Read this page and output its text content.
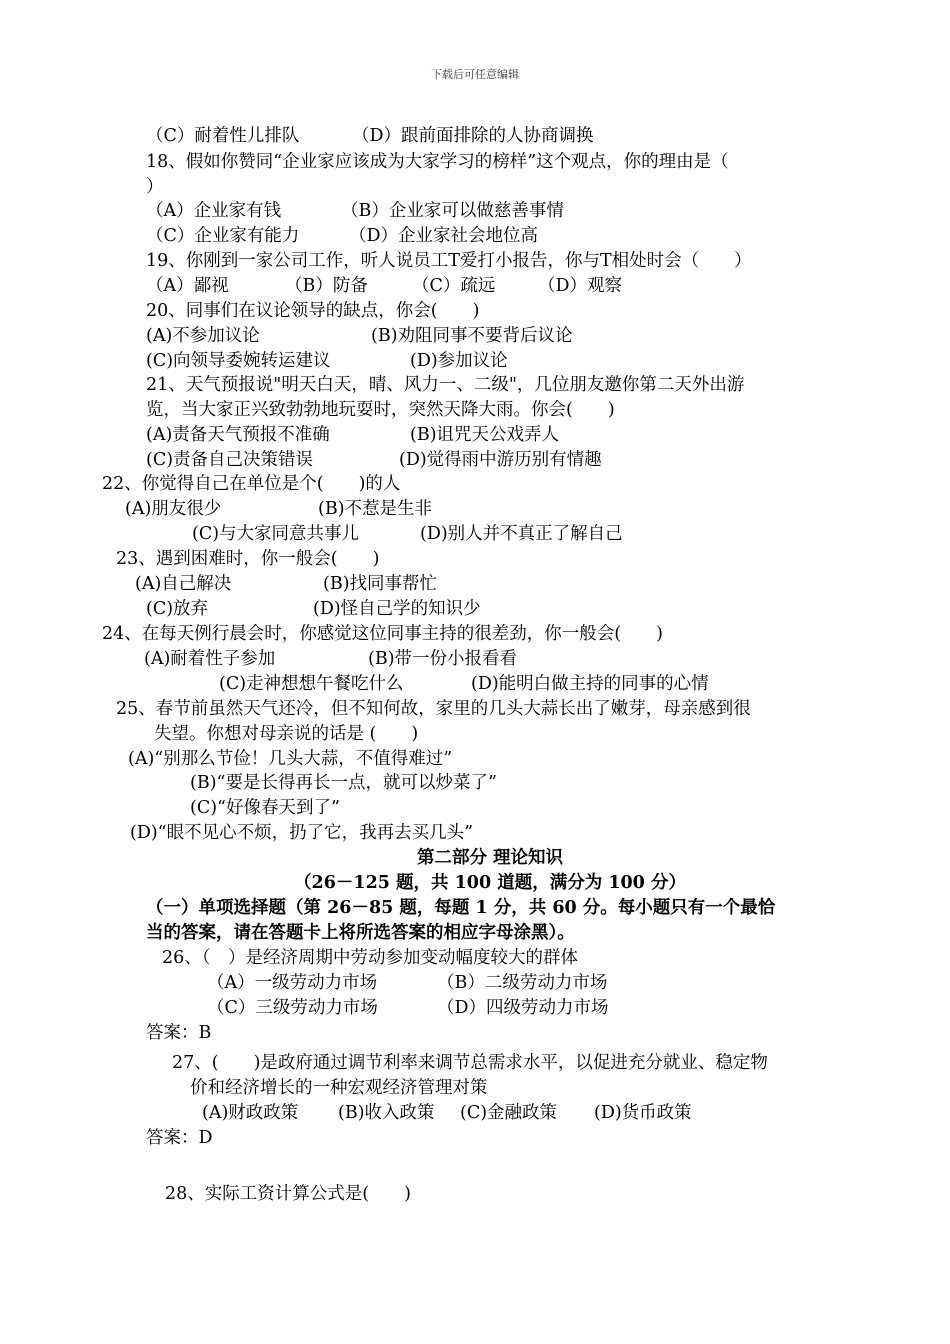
下载后可任意编辑
（C）耐着性儿排队	（D）跟前面排除的人协商调换
18、假如你赞同“企业家应该成为大家学习的榜样”这个观点，你的理由是（
）
（A）企业家有钱	（B）企业家可以做慈善事情
（C）企业家有能力	（D）企业家社会地位高
19、你刚到一家公司工作，听人说员工T爱打小报告，你与T相处时会（　　）
（A）鄙视	（B）防备	（C）疏远 （D）观察
20、同事们在议论领导的缺点，你会(　　)
(A)不参加议论	(B)劝阻同事不要背后议论
(C)向领导委婉转运建议	(D)参加议论
21、天气预报说"明天白天，晴、风力一、二级"，几位朋友邀你第二天外出游
览，当大家正兴致勃勃地玩耍时，突然天降大雨。你会(　　)
(A)责备天气预报不准确	(B)诅咒天公戏弄人
(C)责备自己决策错误	(D)觉得雨中游历别有情趣
22、你觉得自己在单位是个(　　)的人
(A)朋友很少	(B)不惹是生非
(C)与大家同意共事儿	(D)别人并不真正了解自己
23、遇到困难时，你一般会(　　)
(A)自己解决	(B)找同事帮忙
(C)放弃	(D)怪自己学的知识少
24、在每天例行晨会时，你感觉这位同事主持的很差劲，你一般会(　　)
(A)耐着性子参加	(B)带一份小报看看
(C)走神想想午餐吃什么	(D)能明白做主持的同事的心情
25、春节前虽然天气还冷，但不知何故，家里的几头大蒜长出了嫩芽，母亲感到很
失望。你想对母亲说的话是 (　　)
(A)“别那么节俭！几头大蒜，不值得难过”
(B)“要是长得再长一点，就可以炒菜了”
(C)“好像春天到了”
(D)“眼不见心不烦，扔了它，我再去买几头”
第二部分 理论知识
（26－125 题，共 100 道题，满分为 100 分）
（一）单项选择题（第 26－85 题，每题 1 分，共 60 分。每小题只有一个最恰
当的答案，请在答题卡上将所选答案的相应字母涂黑）。
26、（　）是经济周期中劳动参加变动幅度较大的群体
（A）一级劳动力市场	（B）二级劳动力市场
（C）三级劳动力市场	（D）四级劳动力市场
答案：B
27、(　　)是政府通过调节利率来调节总需求水平，以促进充分就业、稳定物
价和经济增长的一种宏观经济管理对策
(A)财政政策 (B)收入政策 (C)金融政策 (D)货币政策
答案：D
28、实际工资计算公式是(　　)
